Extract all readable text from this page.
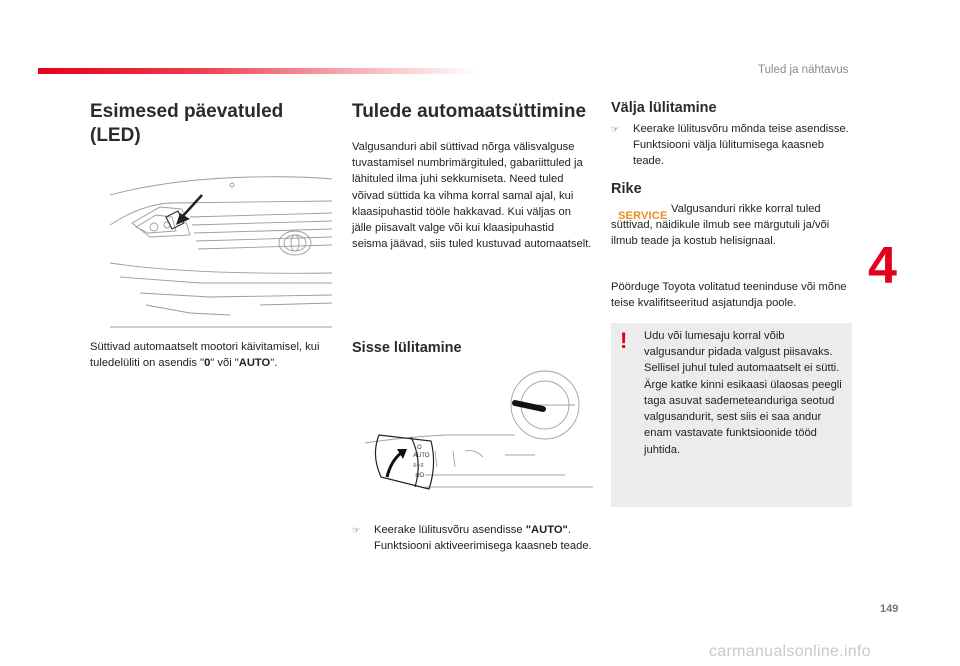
Tuled ja nähtavus
4
Esimesed päevatuled
(LED)
Süttivad automaatselt mootori käivitamisel, kui tuledelüliti on asendis "0" või "AUTO".
Tulede automaatsüttimine
Valgusanduri abil süttivad nõrga välisvalguse tuvastamisel numbrimärgituled, gabariittuled ja lähituled ilma juhi sekkumiseta. Need tuled võivad süttida ka vihma korral samal ajal, kui klaasipuhastid tööle hakkavad. Kui väljas on jälle piisavalt valge või kui klaasipuhastid seisma jäävad, siis tuled kustuvad automaatselt.
Sisse lülitamine
O
AUTO
≡○≡
≣D
☞	Keerake lülitusvõru asendisse "AUTO". Funktsiooni aktiveerimisega kaasneb teade.
Välja lülitamine
☞	Keerake lülitusvõru mõnda teise asendisse. Funktsiooni välja lülitumisega kaasneb teade.
Rike
SERVICE
Valgusanduri rikke korral tuled süttivad, näidikule ilmub see märgutuli ja/või ilmub teade ja kostub helisignaal.
Pöörduge Toyota volitatud teeninduse või mõne teise kvalifitseeritud asjatundja poole.
! Udu või lumesaju korral võib valgusandur pidada valgust piisavaks. Sellisel juhul tuled automaatselt ei sütti. Ärge katke kinni esikaasi ülaosas peegli taga asuvat sademeteanduriga seotud valgusandurit, sest siis ei saa andur enam vastavate funktsioonide tööd juhtida.
149
carmanualsonline.info
